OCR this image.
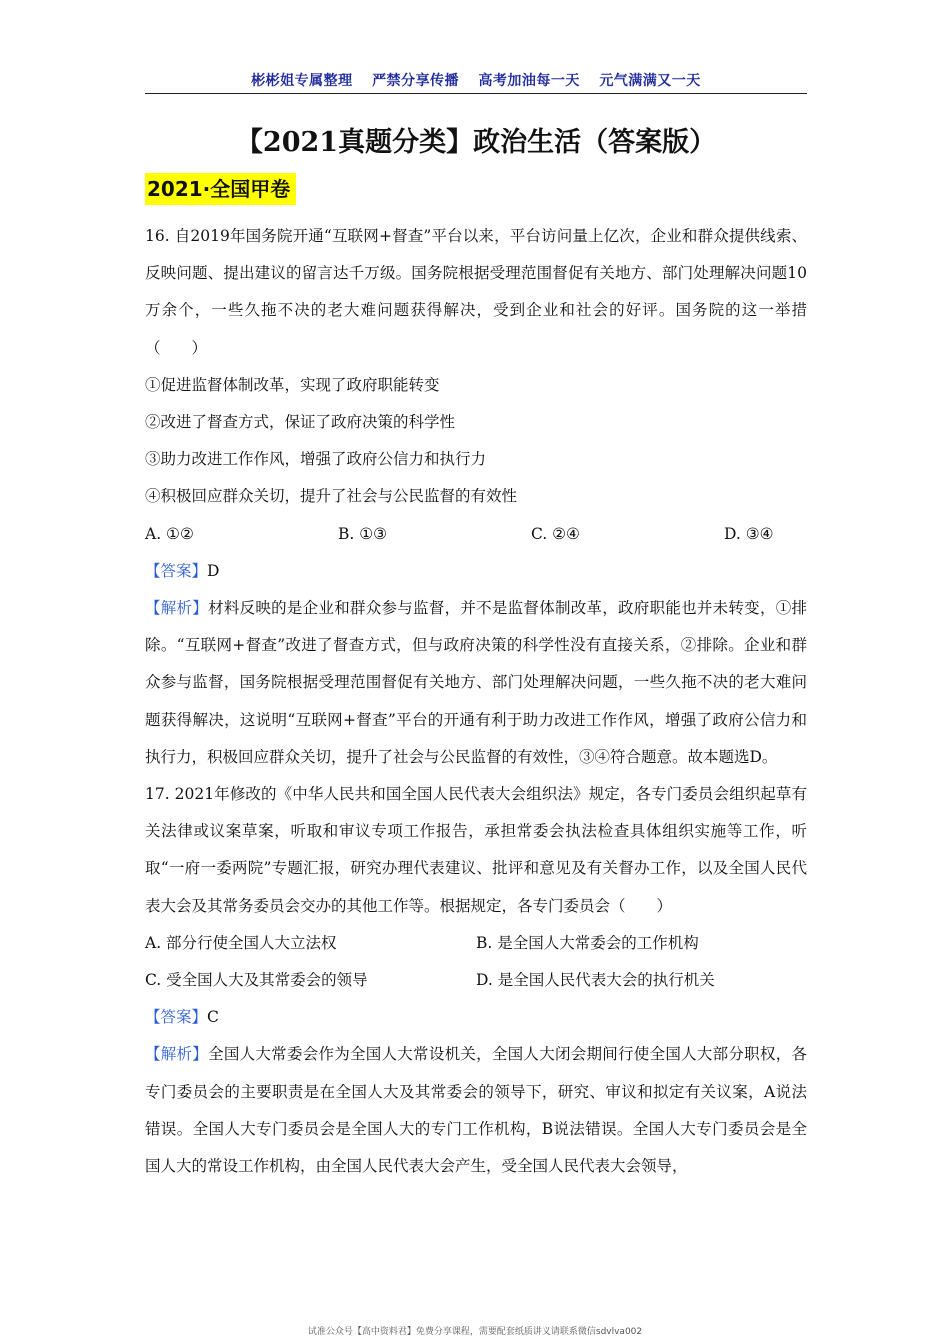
彬彬姐专属整理 严禁分享传播 高考加油每一天 元气满满又一天
【2021真题分类】政治生活（答案版）
2021·全国甲卷

16. 自2019年国务院开通“互联网+督查”平台以来，平台访问量上亿次，企业和群众提供线索、反映问题、提出建议的留言达千万级。国务院根据受理范围督促有关地方、部门处理解决问题10万余个，一些久拖不决的老大难问题获得解决，受到企业和社会的好评。国务院的这一举措（　　）

①促进监督体制改革，实现了政府职能转变

②改进了督查方式，保证了政府决策的科学性

③助力改进工作作风，增强了政府公信力和执行力

④积极回应群众关切，提升了社会与公民监督的有效性

A. ①②	B. ①③	C. ②④	D. ③④

【答案】D

【解析】材料反映的是企业和群众参与监督，并不是监督体制改革，政府职能也并未转变，①排除。“互联网+督查”改进了督查方式，但与政府决策的科学性没有直接关系，②排除。企业和群众参与监督，国务院根据受理范围督促有关地方、部门处理解决问题，一些久拖不决的老大难问题获得解决，这说明“互联网+督查”平台的开通有利于助力改进工作作风，增强了政府公信力和执行力，积极回应群众关切，提升了社会与公民监督的有效性，③④符合题意。故本题选D。

17. 2021年修改的《中华人民共和国全国人民代表大会组织法》规定，各专门委员会组织起草有关法律或议案草案，听取和审议专项工作报告，承担常委会执法检查具体组织实施等工作，听取“一府一委两院”专题汇报，研究办理代表建议、批评和意见及有关督办工作，以及全国人民代表大会及其常务委员会交办的其他工作等。根据规定，各专门委员会（　　）

A. 部分行使全国人大立法权	B. 是全国人大常委会的工作机构

C. 受全国人大及其常委会的领导	D. 是全国人民代表大会的执行机关

【答案】C

【解析】全国人大常委会作为全国人大常设机关，全国人大闭会期间行使全国人大部分职权，各专门委员会的主要职责是在全国人大及其常委会的领导下，研究、审议和拟定有关议案，A说法错误。全国人大专门委员会是全国人大的专门工作机构，B说法错误。全国人大专门委员会是全国人大的常设工作机构，由全国人民代表大会产生，受全国人民代表大会领导，

试准公众号【高中资料君】免费分享课程，需要配套纸质讲义请联系微信sdvlva002
